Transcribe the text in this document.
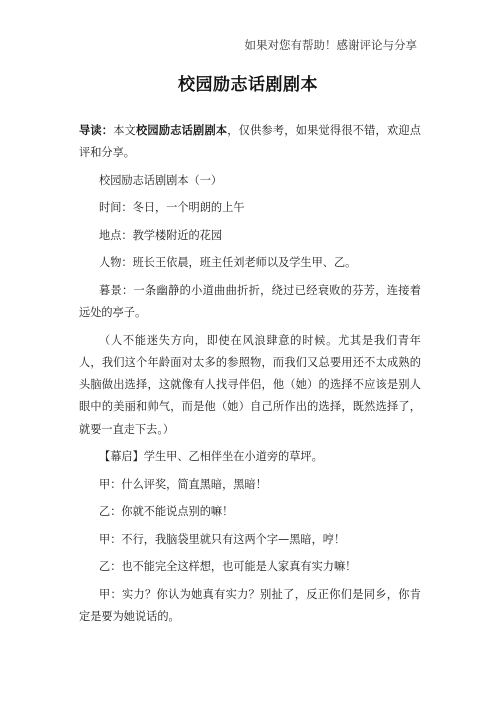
如果对您有帮助！感谢评论与分享
校园励志话剧剧本

导读：本文校园励志话剧剧本，仅供参考，如果觉得很不错，欢迎点评和分享。

校园励志话剧剧本（一）

时间：冬日，一个明朗的上午

地点：教学楼附近的花园

人物：班长王依晨，班主任刘老师以及学生甲、乙。

暮景：一条幽静的小道曲曲折折，绕过已经衰败的芬芳，连接着远处的亭子。

（人不能迷失方向，即使在风浪肆意的时候。尤其是我们青年人，我们这个年龄面对太多的参照物，而我们又总要用还不太成熟的头脑做出选择，这就像有人找寻伴侣，他（她）的选择不应该是别人眼中的美丽和帅气，而是他（她）自己所作出的选择，既然选择了，就要一直走下去。）

【幕启】学生甲、乙相伴坐在小道旁的草坪。

甲：什么评奖，简直黑暗，黑暗！

乙：你就不能说点别的嘛！

甲：不行，我脑袋里就只有这两个字—黑暗，哼！

乙：也不能完全这样想，也可能是人家真有实力嘛！

甲：实力？你认为她真有实力？别扯了，反正你们是同乡，你肯定是要为她说话的。
